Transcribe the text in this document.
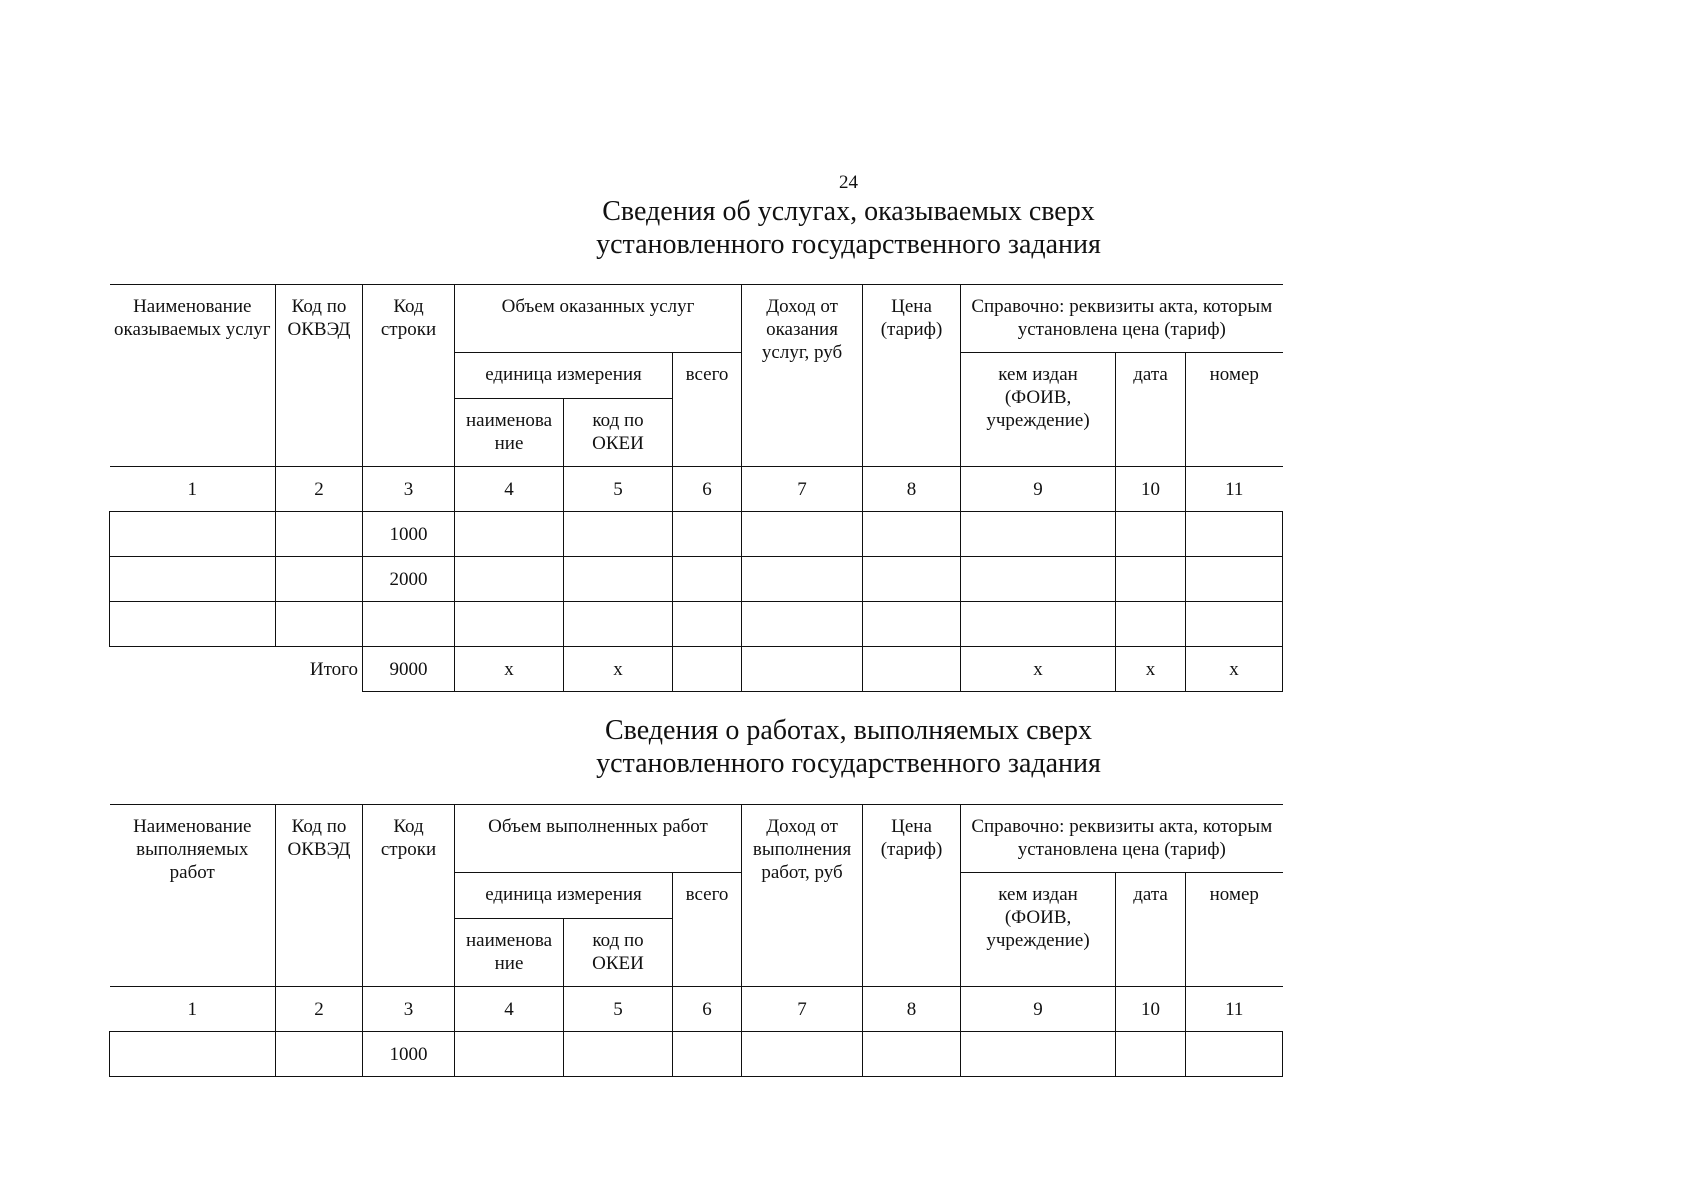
24
Сведения об услугах, оказываемых сверх
установленного государственного задания
Наименование оказываемых услуг	Код по ОКВЭД	Код строки	Объем оказанных услуг			Доход от оказания услуг, руб	Цена (тариф)	Справочно: реквизиты акта, которым установлена цена (тариф)		
			единица измерения		всего			кем издан (ФОИВ, учреждение)	дата	номер
			наименова ние	код по ОКЕИ						
1	2	3	4	5	6	7	8	9	10	11
		1000								
		2000								

Итого		9000	x	x				x	x	x
Сведения о работах, выполняемых сверх
установленного государственного задания
Наименование выполняемых работ	Код по ОКВЭД	Код строки	Объем выполненных работ			Доход от выполнения работ, руб	Цена (тариф)	Справочно: реквизиты акта, которым установлена цена (тариф)		
			единица измерения		всего			кем издан (ФОИВ, учреждение)	дата	номер
			наименова ние	код по ОКЕИ						
1	2	3	4	5	6	7	8	9	10	11
		1000								
